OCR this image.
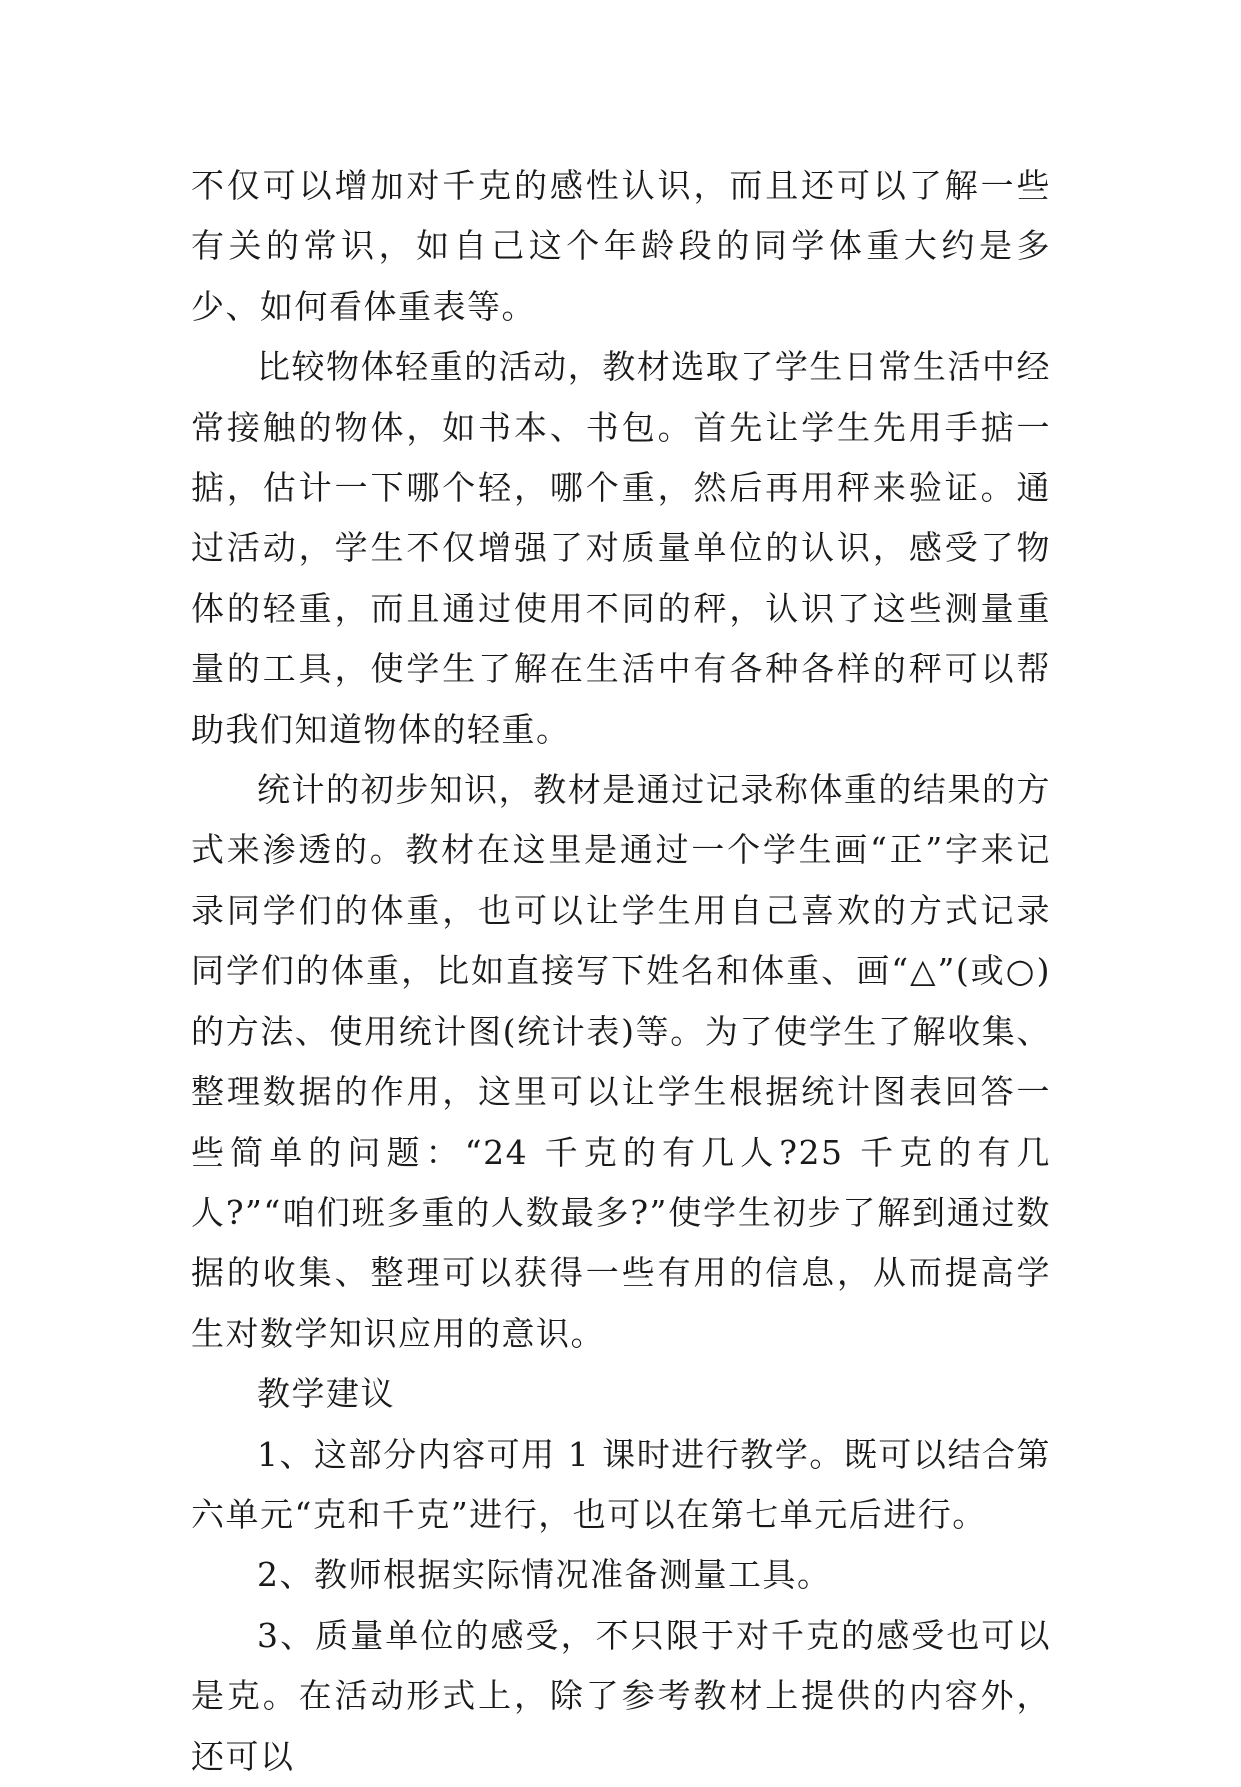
不仅可以增加对千克的感性认识，而且还可以了解一些有关的常识，如自己这个年龄段的同学体重大约是多少、如何看体重表等。

比较物体轻重的活动，教材选取了学生日常生活中经常接触的物体，如书本、书包。首先让学生先用手掂一掂，估计一下哪个轻，哪个重，然后再用秤来验证。通过活动，学生不仅增强了对质量单位的认识，感受了物体的轻重，而且通过使用不同的秤，认识了这些测量重量的工具，使学生了解在生活中有各种各样的秤可以帮助我们知道物体的轻重。

统计的初步知识，教材是通过记录称体重的结果的方式来渗透的。教材在这里是通过一个学生画“正”字来记录同学们的体重，也可以让学生用自己喜欢的方式记录同学们的体重，比如直接写下姓名和体重、画“△”(或○)的方法、使用统计图(统计表)等。为了使学生了解收集、整理数据的作用，这里可以让学生根据统计图表回答一些简单的问题：“24 千克的有几人?25 千克的有几人?”“咱们班多重的人数最多?”使学生初步了解到通过数据的收集、整理可以获得一些有用的信息，从而提高学生对数学知识应用的意识。

教学建议

1、这部分内容可用 1 课时进行教学。既可以结合第六单元“克和千克”进行，也可以在第七单元后进行。

2、教师根据实际情况准备测量工具。

3、质量单位的感受，不只限于对千克的感受也可以是克。在活动形式上，除了参考教材上提供的内容外，还可以
